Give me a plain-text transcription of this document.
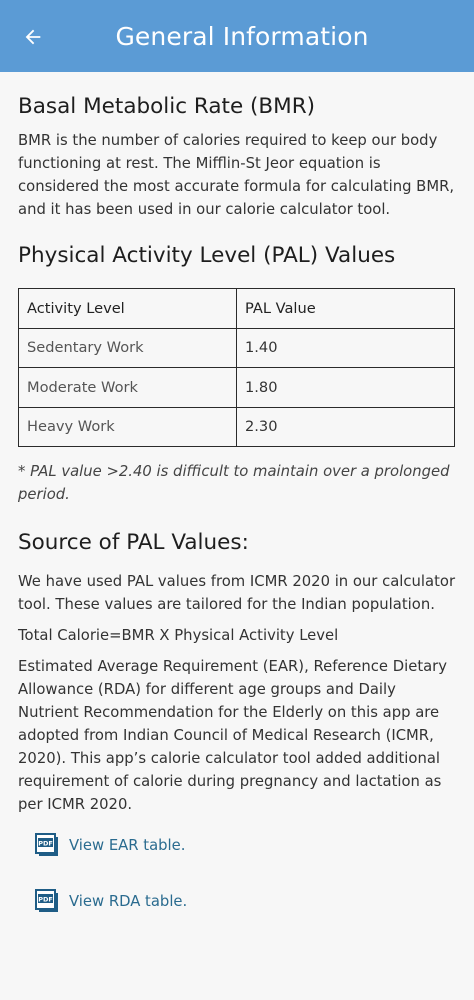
General Information
Basal Metabolic Rate (BMR)

BMR is the number of calories required to keep our body functioning at rest. The Mifflin-St Jeor equation is considered the most accurate formula for calculating BMR, and it has been used in our calorie calculator tool.

Physical Activity Level (PAL) Values
Activity Level	PAL Value
Sedentary Work	1.40
Moderate Work	1.80
Heavy Work	2.30

* PAL value >2.40 is difficult to maintain over a prolonged period.

Source of PAL Values:

We have used PAL values from ICMR 2020 in our calculator tool. These values are tailored for the Indian population.

Total Calorie=BMR X Physical Activity Level

Estimated Average Requirement (EAR), Reference Dietary Allowance (RDA) for different age groups and Daily Nutrient Recommendation for the Elderly on this app are adopted from Indian Council of Medical Research (ICMR, 2020). This app’s calorie calculator tool added additional requirement of calorie during pregnancy and lactation as per ICMR 2020.

PDF View EAR table.
PDF View RDA table.
